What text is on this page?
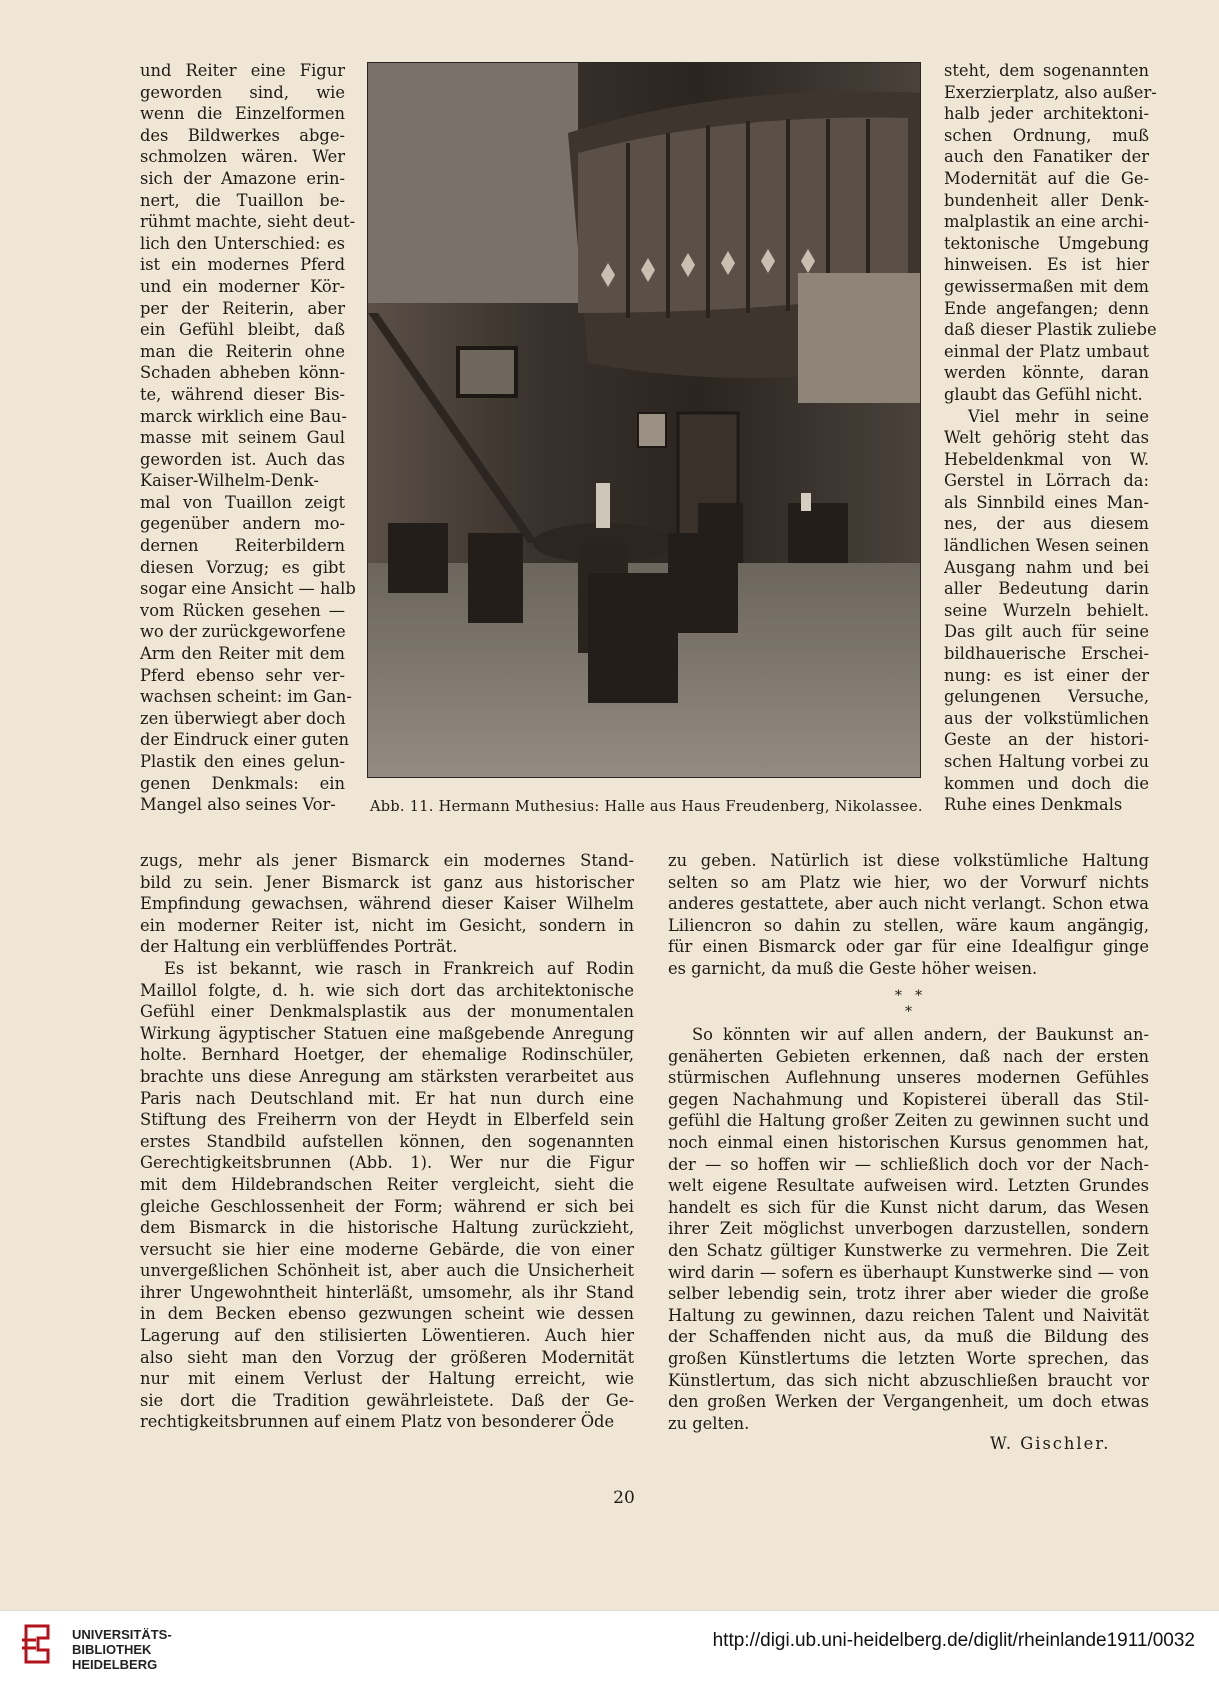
und Reiter eine Figur

geworden sind, wie

wenn die Einzelformen

des Bildwerkes abge-

schmolzen wären. Wer

sich der Amazone erin-

nert, die Tuaillon be-

rühmt machte, sieht deut-

lich den Unterschied: es

ist ein modernes Pferd

und ein moderner Kör-

per der Reiterin, aber

ein Gefühl bleibt, daß

man die Reiterin ohne

Schaden abheben könn-

te, während dieser Bis-

marck wirklich eine Bau-

masse mit seinem Gaul

geworden ist. Auch das

Kaiser-Wilhelm-Denk-

mal von Tuaillon zeigt

gegenüber andern mo-

dernen Reiterbildern

diesen Vorzug; es gibt

sogar eine Ansicht — halb

vom Rücken gesehen —

wo der zurückgeworfene

Arm den Reiter mit dem

Pferd ebenso sehr ver-

wachsen scheint: im Gan-

zen überwiegt aber doch

der Eindruck einer guten

Plastik den eines gelun-

genen Denkmals: ein

Mangel also seines Vor-

steht, dem sogenannten

Exerzierplatz, also außer-

halb jeder architektoni-

schen Ordnung, muß

auch den Fanatiker der

Modernität auf die Ge-

bundenheit aller Denk-

malplastik an eine archi-

tektonische Umgebung

hinweisen. Es ist hier

gewissermaßen mit dem

Ende angefangen; denn

daß dieser Plastik zuliebe

einmal der Platz umbaut

werden könnte, daran

glaubt das Gefühl nicht.

Viel mehr in seine

Welt gehörig steht das

Hebeldenkmal von W.

Gerstel in Lörrach da:

als Sinnbild eines Man-

nes, der aus diesem

ländlichen Wesen seinen

Ausgang nahm und bei

aller Bedeutung darin

seine Wurzeln behielt.

Das gilt auch für seine

bildhauerische Erschei-

nung: es ist einer der

gelungenen Versuche,

aus der volkstümlichen

Geste an der histori-

schen Haltung vorbei zu

kommen und doch die

Ruhe eines Denkmals

Abb. 11. Hermann Muthesius: Halle aus Haus Freudenberg, Nikolassee.

zugs, mehr als jener Bismarck ein modernes Stand-

bild zu sein. Jener Bismarck ist ganz aus historischer

Empfindung gewachsen, während dieser Kaiser Wilhelm

ein moderner Reiter ist, nicht im Gesicht, sondern in

der Haltung ein verblüffendes Porträt.

Es ist bekannt, wie rasch in Frankreich auf Rodin

Maillol folgte, d. h. wie sich dort das architektonische

Gefühl einer Denkmalsplastik aus der monumentalen

Wirkung ägyptischer Statuen eine maßgebende Anregung

holte. Bernhard Hoetger, der ehemalige Rodinschüler,

brachte uns diese Anregung am stärksten verarbeitet aus

Paris nach Deutschland mit. Er hat nun durch eine

Stiftung des Freiherrn von der Heydt in Elberfeld sein

erstes Standbild aufstellen können, den sogenannten

Gerechtigkeitsbrunnen (Abb. 1). Wer nur die Figur

mit dem Hildebrandschen Reiter vergleicht, sieht die

gleiche Geschlossenheit der Form; während er sich bei

dem Bismarck in die historische Haltung zurückzieht,

versucht sie hier eine moderne Gebärde, die von einer

unvergeßlichen Schönheit ist, aber auch die Unsicherheit

ihrer Ungewohntheit hinterläßt, umsomehr, als ihr Stand

in dem Becken ebenso gezwungen scheint wie dessen

Lagerung auf den stilisierten Löwentieren. Auch hier

also sieht man den Vorzug der größeren Modernität

nur mit einem Verlust der Haltung erreicht, wie

sie dort die Tradition gewährleistete. Daß der Ge-

rechtigkeitsbrunnen auf einem Platz von besonderer Öde

zu geben. Natürlich ist diese volkstümliche Haltung

selten so am Platz wie hier, wo der Vorwurf nichts

anderes gestattete, aber auch nicht verlangt. Schon etwa

Liliencron so dahin zu stellen, wäre kaum angängig,

für einen Bismarck oder gar für eine Idealfigur ginge

es garnicht, da muß die Geste höher weisen.

*   *
*

So könnten wir auf allen andern, der Baukunst an-

genäherten Gebieten erkennen, daß nach der ersten

stürmischen Auflehnung unseres modernen Gefühles

gegen Nachahmung und Kopisterei überall das Stil-

gefühl die Haltung großer Zeiten zu gewinnen sucht und

noch einmal einen historischen Kursus genommen hat,

der — so hoffen wir — schließlich doch vor der Nach-

welt eigene Resultate aufweisen wird. Letzten Grundes

handelt es sich für die Kunst nicht darum, das Wesen

ihrer Zeit möglichst unverbogen darzustellen, sondern

den Schatz gültiger Kunstwerke zu vermehren. Die Zeit

wird darin — sofern es überhaupt Kunstwerke sind — von

selber lebendig sein, trotz ihrer aber wieder die große

Haltung zu gewinnen, dazu reichen Talent und Naivität

der Schaffenden nicht aus, da muß die Bildung des

großen Künstlertums die letzten Worte sprechen, das

Künstlertum, das sich nicht abzuschließen braucht vor

den großen Werken der Vergangenheit, um doch etwas

zu gelten.

W. Gischler.
20
UNIVERSITÄTS-
BIBLIOTHEK
HEIDELBERG
http://digi.ub.uni-heidelberg.de/diglit/rheinlande1911/0032
